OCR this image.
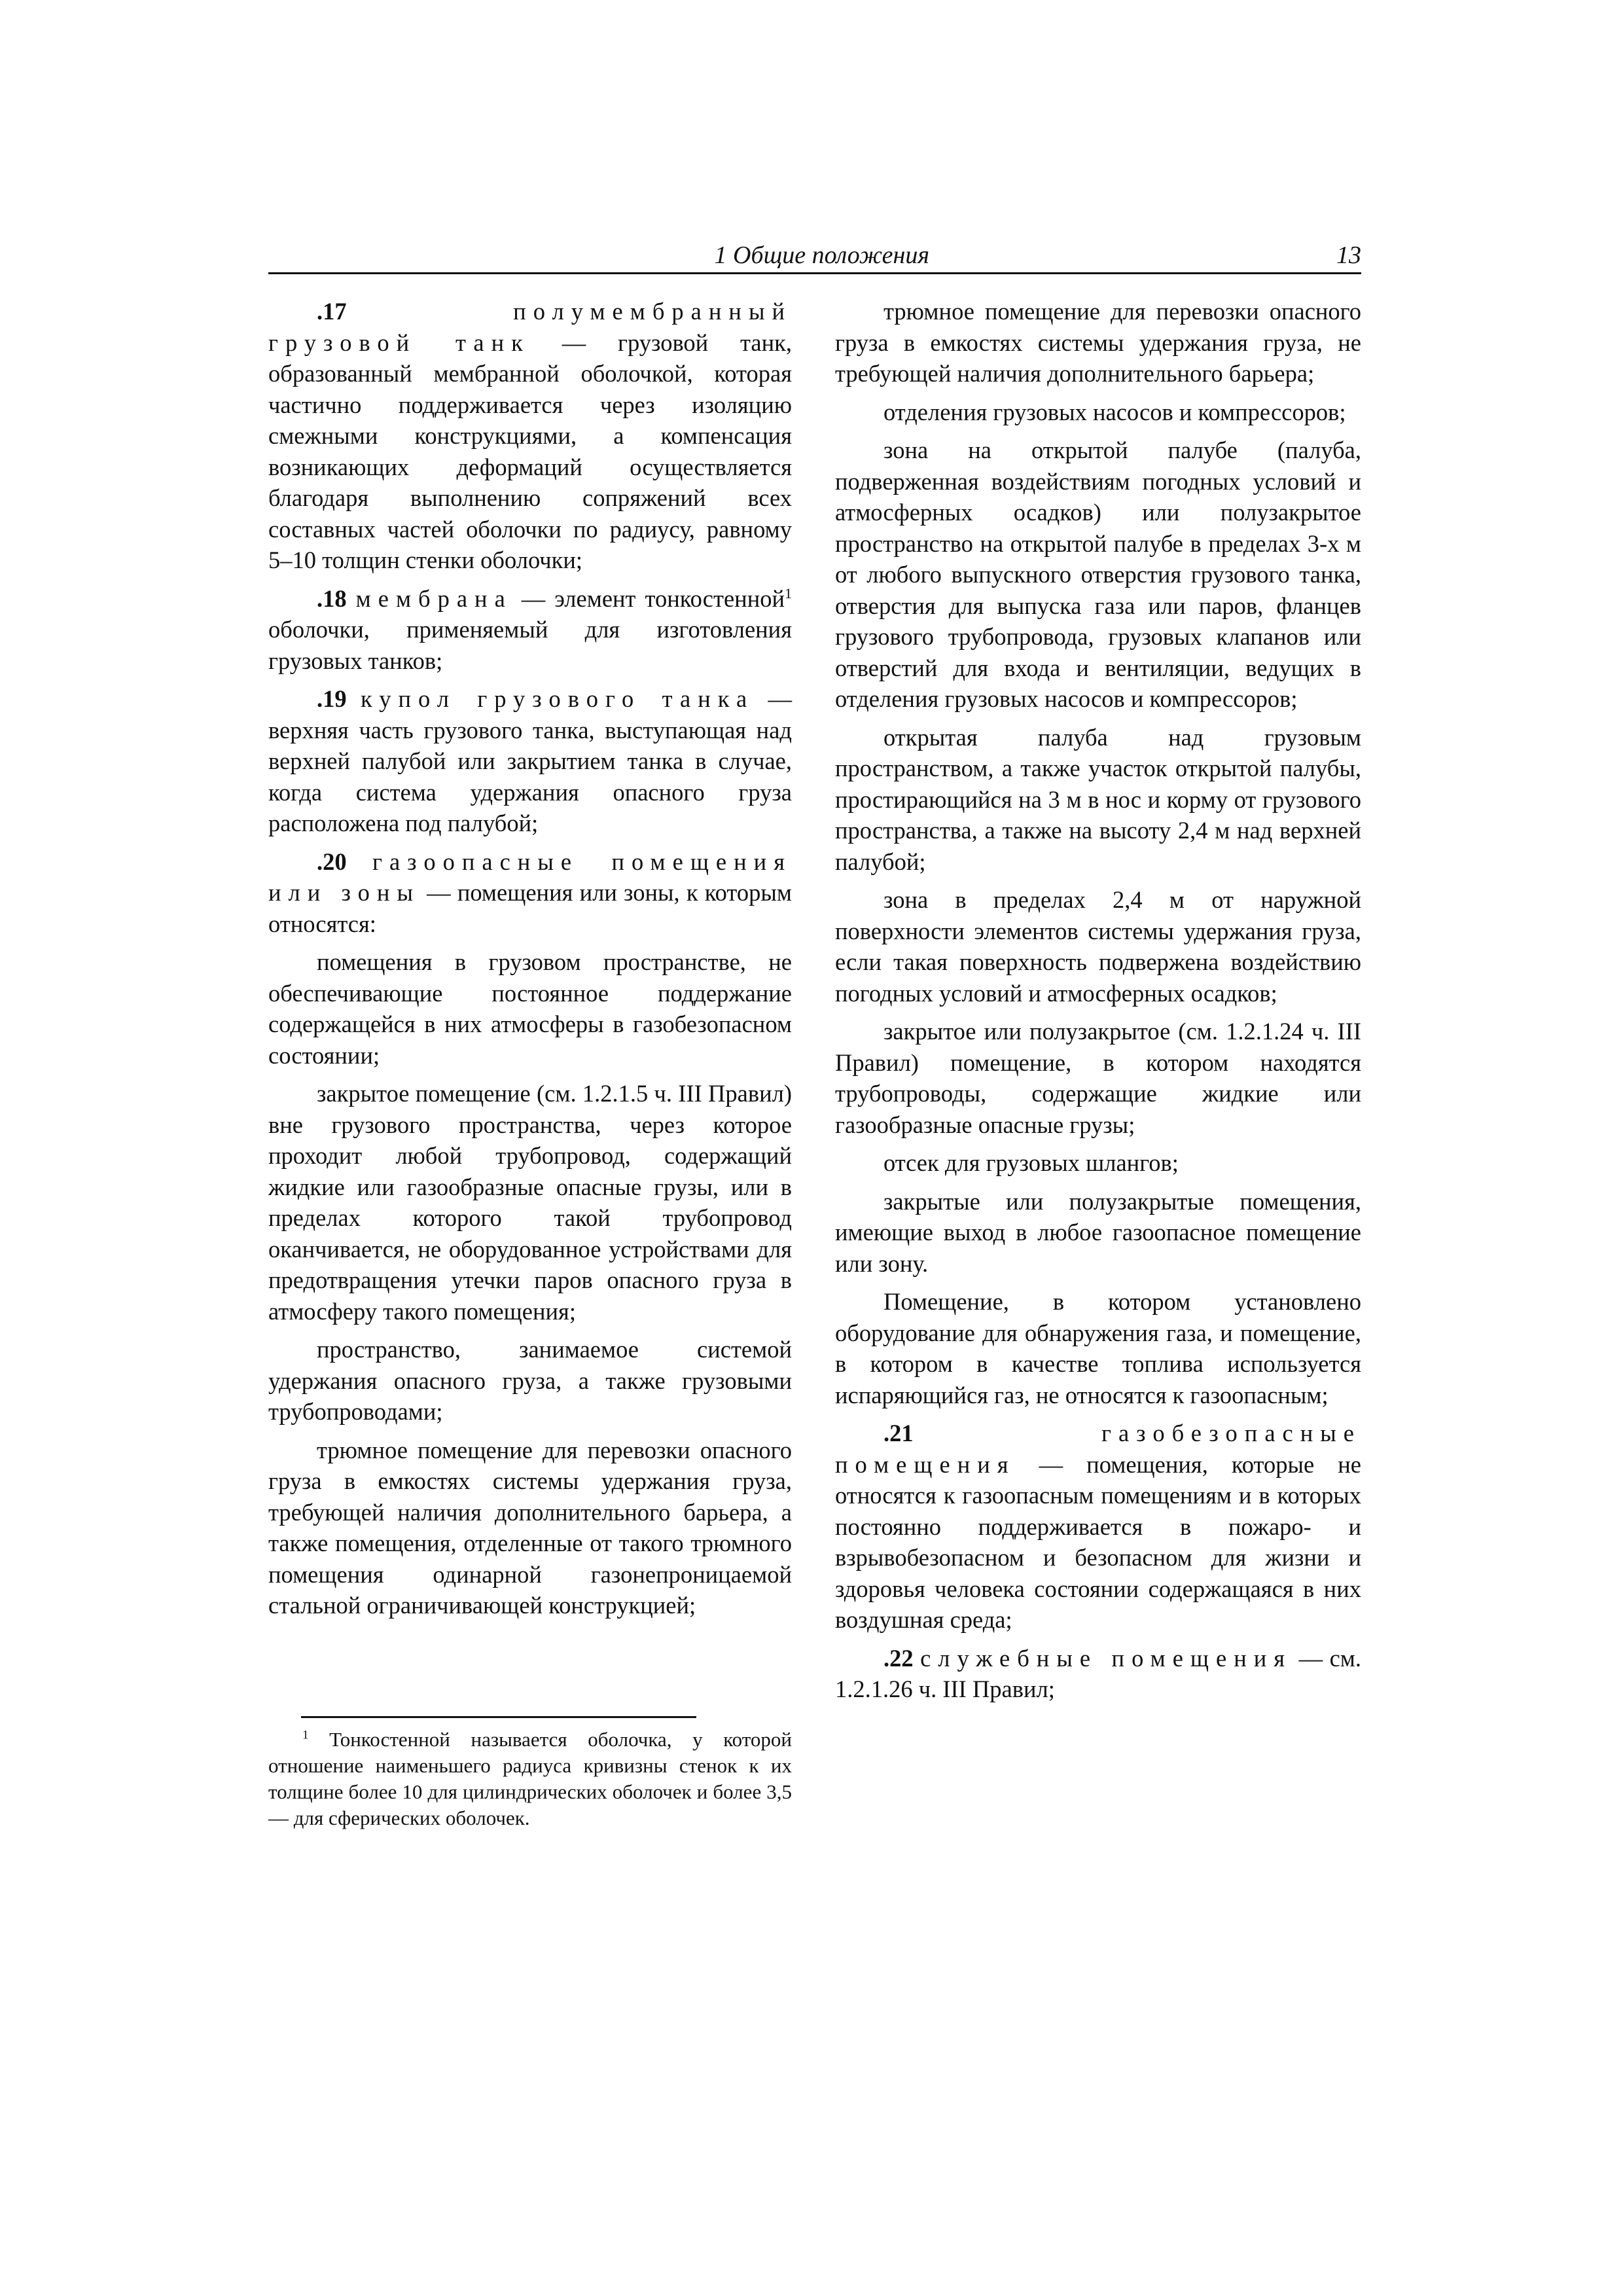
1 Общие положения	13

.17	полумембранный грузовой танк — грузовой танк, образованный мембранной оболочкой, которая частично поддерживается через изоляцию смежными конструкциями, а компенсация возникающих деформаций осуществляется благодаря выполнению сопряжений всех составных частей оболочки по радиусу, равному 5–10 толщин стенки оболочки;

.18 мембрана — элемент тонкостенной$^1$ оболочки, применяемый для изготовления грузовых танков;

.19 купол грузового танка — верхняя часть грузового танка, выступающая над верхней палубой или закрытием танка в случае, когда система удержания опасного груза расположена под палубой;

.20 газоопасные помещения или зоны — помещения или зоны, к которым относятся:

помещения в грузовом пространстве, не обеспечивающие постоянное поддержание содержащейся в них атмосферы в газобезопасном состоянии;

закрытое помещение (см. 1.2.1.5 ч. III Правил) вне грузового пространства, через которое проходит любой трубопровод, содержащий жидкие или газообразные опасные грузы, или в пределах которого такой трубопровод оканчивается, не оборудованное устройствами для предотвращения утечки паров опасного груза в атмосферу такого помещения;

пространство, занимаемое системой удержания опасного груза, а также грузовыми трубопроводами;

трюмное помещение для перевозки опасного груза в емкостях системы удержания груза, требующей наличия дополнительного барьера, а также помещения, отделенные от такого трюмного помещения одинарной газонепроницаемой стальной ограничивающей конструкцией;

$^1$ Тонкостенной называется оболочка, у которой отношение наименьшего радиуса кривизны стенок к их толщине более 10 для цилиндрических оболочек и более 3,5 — для сферических оболочек.

трюмное помещение для перевозки опасного груза в емкостях системы удержания груза, не требующей наличия дополнительного барьера;

отделения грузовых насосов и компрессоров;

зона на открытой палубе (палуба, подверженная воздействиям погодных условий и атмосферных осадков) или полузакрытое пространство на открытой палубе в пределах 3-х м от любого выпускного отверстия грузового танка, отверстия для выпуска газа или паров, фланцев грузового трубопровода, грузовых клапанов или отверстий для входа и вентиляции, ведущих в отделения грузовых насосов и компрессоров;

открытая палуба над грузовым пространством, а также участок открытой палубы, простирающийся на 3 м в нос и корму от грузового пространства, а также на высоту 2,4 м над верхней палубой;

зона в пределах 2,4 м от наружной поверхности элементов системы удержания груза, если такая поверхность подвержена воздействию погодных условий и атмосферных осадков;

закрытое или полузакрытое (см. 1.2.1.24 ч. III Правил) помещение, в котором находятся трубопроводы, содержащие жидкие или газообразные опасные грузы;

отсек для грузовых шлангов;

закрытые или полузакрытые помещения, имеющие выход в любое газоопасное помещение или зону.

Помещение, в котором установлено оборудование для обнаружения газа, и помещение, в котором в качестве топлива используется испаряющийся газ, не относятся к газоопасным;

.21	газобезопасные помещения — помещения, которые не относятся к газоопасным помещениям и в которых постоянно поддерживается в пожаро- и взрывобезопасном и безопасном для жизни и здоровья человека состоянии содержащаяся в них воздушная среда;

.22 служебные помещения — см. 1.2.1.26 ч. III Правил;
